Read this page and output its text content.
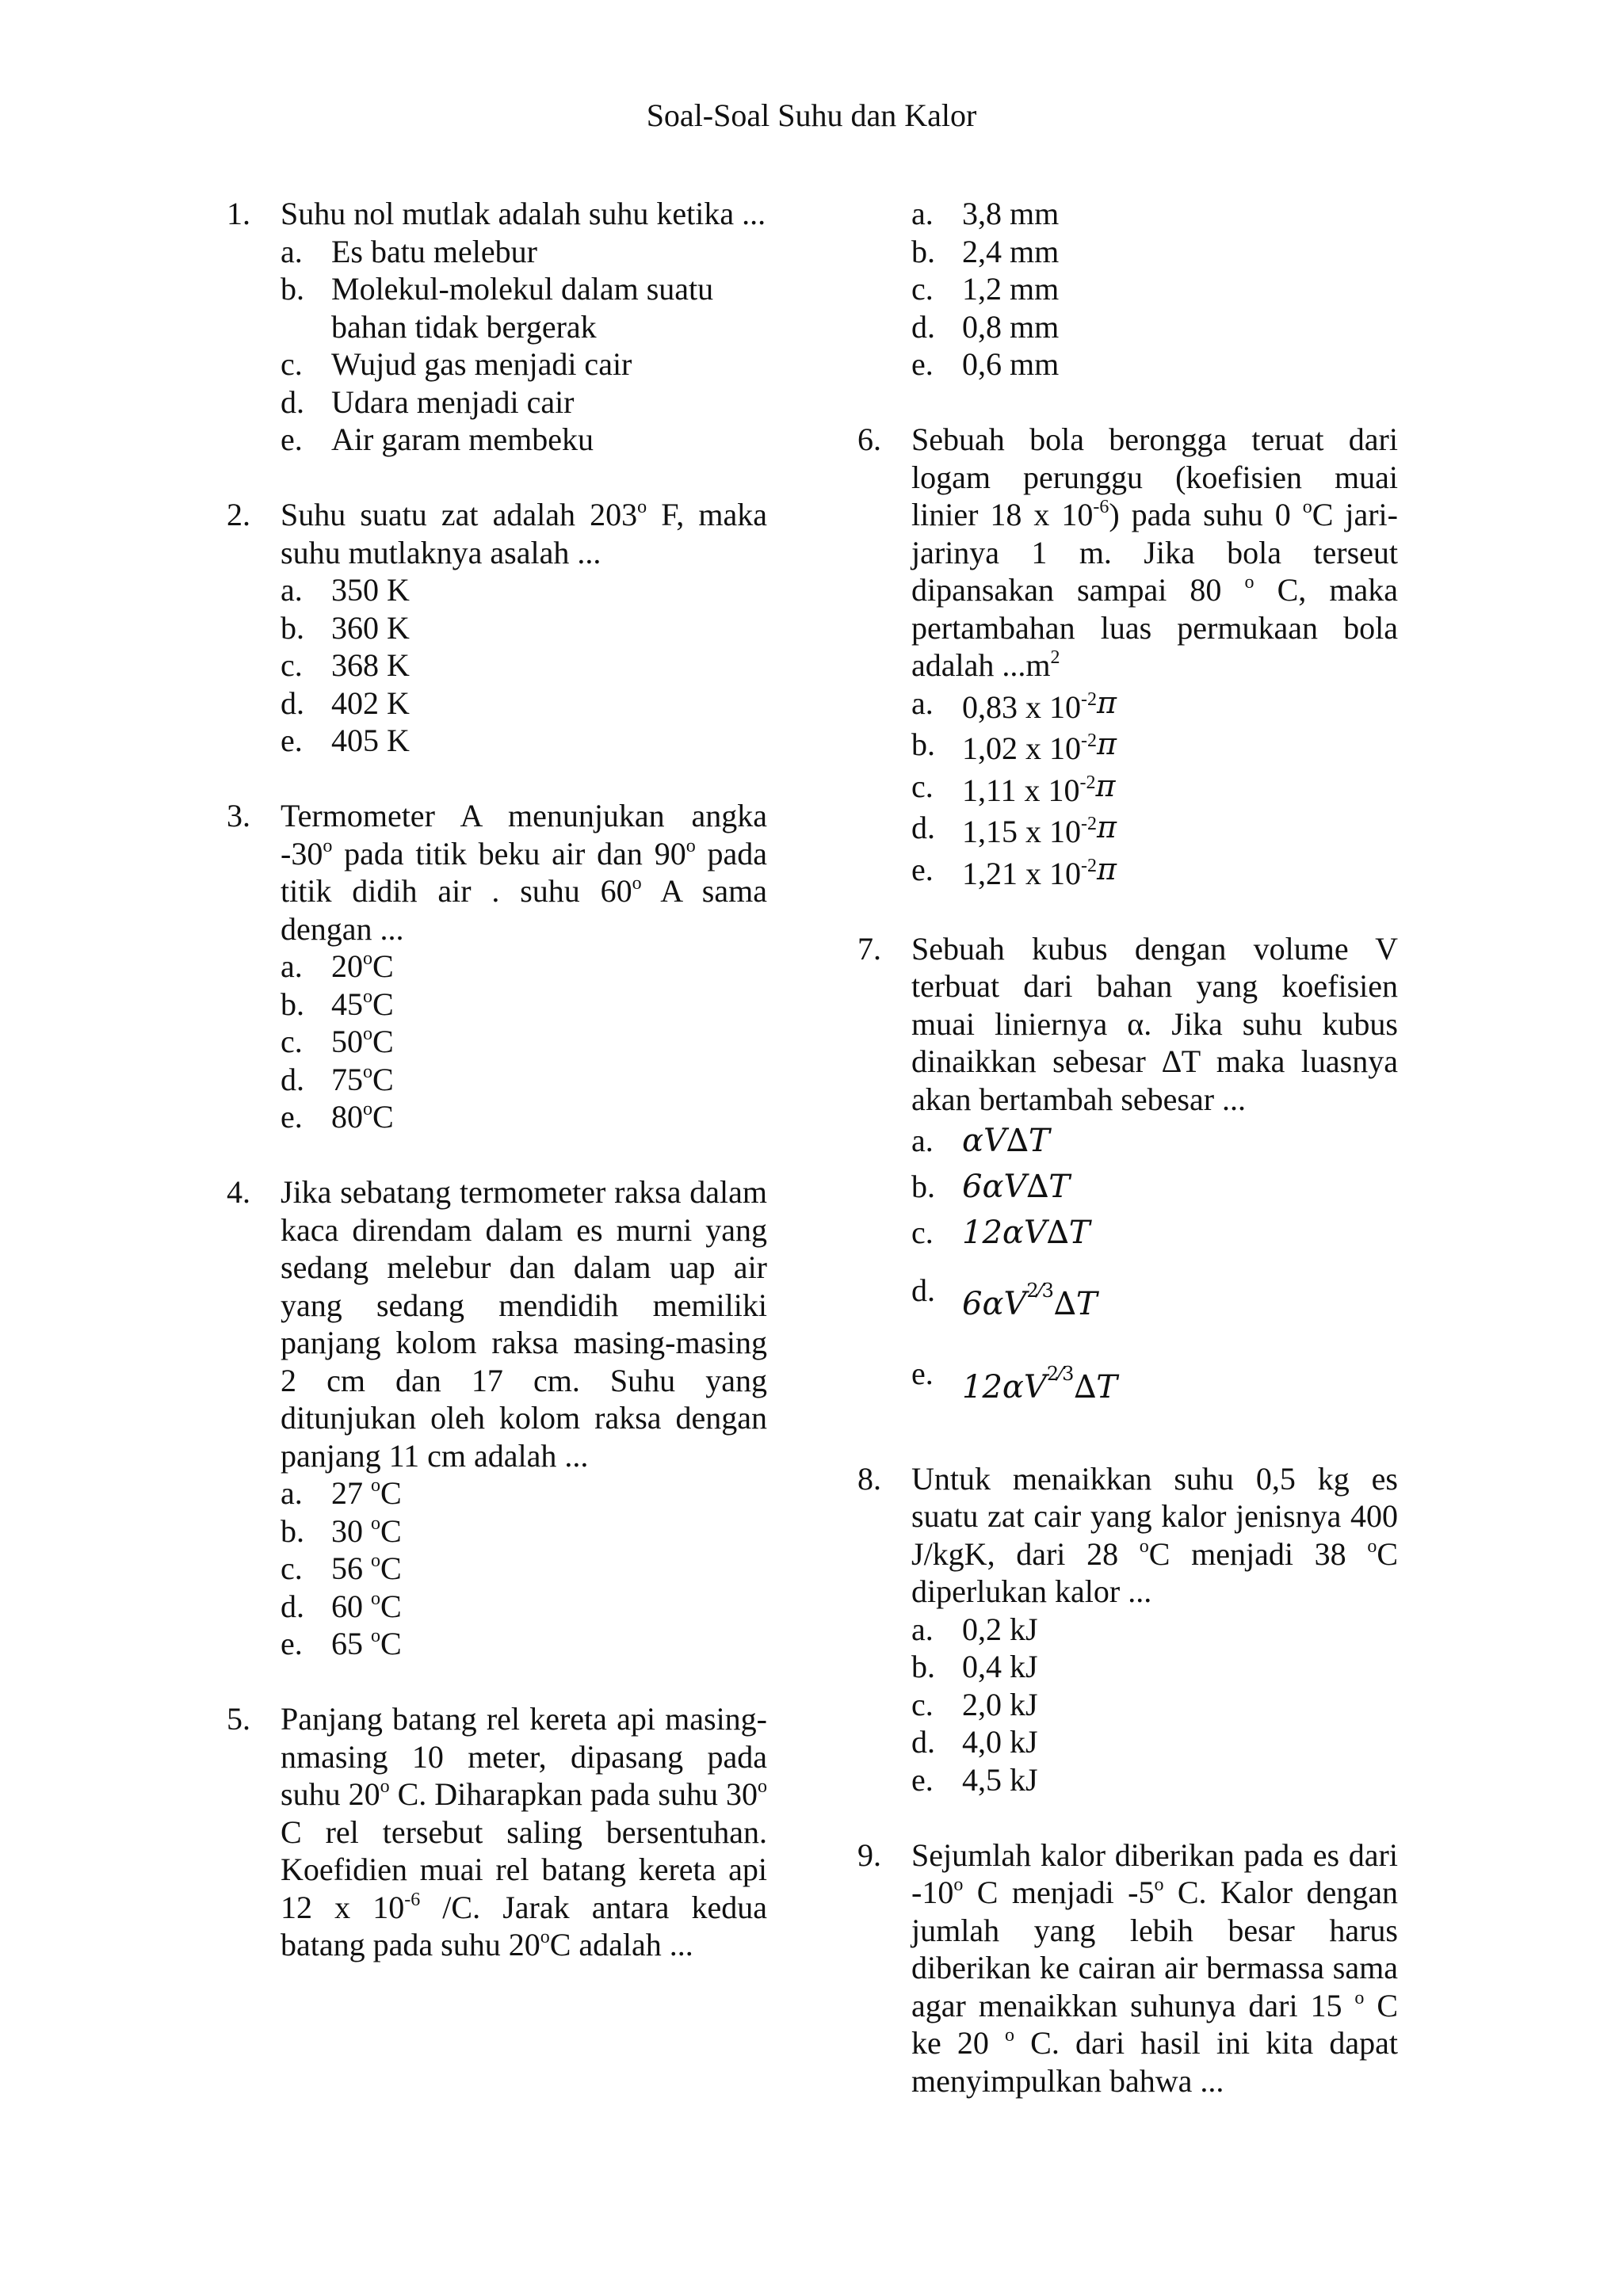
Soal-Soal Suhu dan Kalor
1. Suhu nol mutlak adalah suhu ketika ...
a. Es batu melebur
b. Molekul-molekul dalam suatu bahan tidak bergerak
c. Wujud gas menjadi cair
d. Udara menjadi cair
e. Air garam membeku
2. Suhu suatu zat adalah 203$^o$ F, maka suhu mutlaknya asalah ...
a. 350 K
b. 360 K
c. 368 K
d. 402 K
e. 405 K
3. Termometer A menunjukan angka -30$^o$ pada titik beku air dan 90$^o$ pada titik didih air . suhu 60$^o$ A sama dengan ...
a. 20$^o$C
b. 45$^o$C
c. 50$^o$C
d. 75$^o$C
e. 80$^o$C
4. Jika sebatang termometer raksa dalam kaca direndam dalam es murni yang sedang melebur dan dalam uap air yang sedang mendidih memiliki panjang kolom raksa masing-masing 2 cm dan 17 cm. Suhu yang ditunjukan oleh kolom raksa dengan panjang 11 cm adalah ...
a. 27 $^o$C
b. 30 $^o$C
c. 56 $^o$C
d. 60 $^o$C
e. 65 $^o$C
5. Panjang batang rel kereta api masing-nmasing 10 meter, dipasang pada suhu 20$^o$ C. Diharapkan pada suhu 30$^o$ C rel tersebut saling bersentuhan. Koefidien muai rel batang kereta api 12 x $10^{-6}$ /C. Jarak antara kedua batang pada suhu 20$^o$C adalah ...
a. 3,8 mm
b. 2,4 mm
c. 1,2 mm
d. 0,8 mm
e. 0,6 mm
6. Sebuah bola berongga teruat dari logam perunggu (koefisien muai linier 18 x $10^{-6}$) pada suhu 0 $^o$C jari-jarinya 1 m. Jika bola terseut dipansakan sampai 80 $^o$ C, maka pertambahan luas permukaan bola adalah $...m^2$
a. 0,83 x $10^{-2}\pi$
b. 1,02 x $10^{-2}\pi$
c. 1,11 x $10^{-2}\pi$
d. 1,15 x $10^{-2}\pi$
e. 1,21 x $10^{-2}\pi$
7. Sebuah kubus dengan volume V terbuat dari bahan yang koefisien muai liniernya α. Jika suhu kubus dinaikkan sebesar ∆T maka luasnya akan bertambah sebesar ...
a. αV∆T
b. 6αV∆T
c. 12αV∆T
d. $6\alpha V^{2⁄3}\Delta T$
e. $12\alpha V^{2⁄3}\Delta T$
8. Untuk menaikkan suhu 0,5 kg es suatu zat cair yang kalor jenisnya 400 J/kgK, dari 28 $^o$C menjadi 38 $^o$C diperlukan kalor ...
a. 0,2 kJ
b. 0,4 kJ
c. 2,0 kJ
d. 4,0 kJ
e. 4,5 kJ
9. Sejumlah kalor diberikan pada es dari -10$^o$ C menjadi -5$^o$ C. Kalor dengan jumlah yang lebih besar harus diberikan ke cairan air bermassa sama agar menaikkan suhunya dari 15 $^o$ C ke 20 $^o$ C. dari hasil ini kita dapat menyimpulkan bahwa ...
